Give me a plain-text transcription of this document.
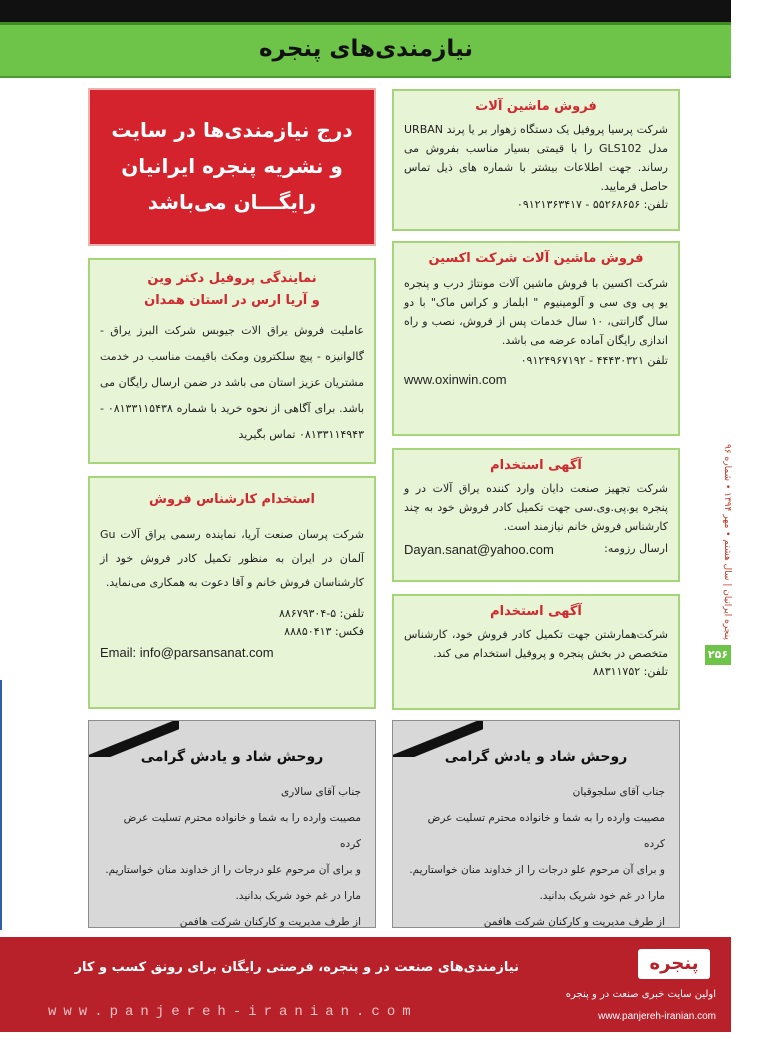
نیازمندی‌های پنجره
فروش ماشین آلات
شرکت پرسیا پروفیل یک دستگاه زهوار بر یا پرند URBAN مدل GLS102 را با قیمتی بسیار مناسب بفروش می رساند. جهت اطلاعات بیشتر با شماره های ذیل تماس حاصل فرمایید.
تلفن: ۵۵۲۶۸۶۵۶ - ۰۹۱۲۱۳۶۳۴۱۷
فروش ماشین آلات شرکت اکسین
شرکت اکسین با فروش ماشین آلات مونتاژ درب و پنجره یو پی وی سی و آلومینیوم " ابلماز و کراس ماک" با دو سال گارانتی، ۱۰ سال خدمات پس از فروش، نصب و راه اندازی رایگان آماده عرضه می باشد.
تلفن ۴۴۴۳۰۳۲۱ - ۰۹۱۲۴۹۶۷۱۹۲
www.oxinwin.com
آگهی استخدام
شرکت تجهیز صنعت دایان وارد کننده یراق آلات در و پنجره یو.پی.وی.سی جهت تکمیل کادر فروش خود به چند کارشناس فروش خانم نیازمند است.
ارسال رزومه:
Dayan.sanat@yahoo.com
آگهی استخدام
شرکت‌همارشتن جهت تکمیل کادر فروش خود، کارشناس متخصص در بخش پنجره و پروفیل استخدام می کند.
تلفن: ۸۸۳۱۱۷۵۲
درج نیازمندی‌ها در سایت
و نشریه پنجره ایرانیان
رایگـــان می‌باشد
نمایندگی پروفیل دکتر وین
و آریا ارس در استان همدان
عاملیت فروش یراق الات جیوبس شرکت البرز یراق - گالوانیزه - پیچ سلکترون ومکث باقیمت مناسب در خدمت مشتریان عزیز استان می باشد در ضمن ارسال رایگان می باشد. برای آگاهی از نحوه خرید با شماره ۰۸۱۳۳۱۱۵۴۳۸ - ۰۸۱۳۳۱۱۴۹۴۳ تماس بگیرید
استخدام کارشناس فروش
شرکت پرسان صنعت آریا، نماینده رسمی یراق آلات Gu آلمان در ایران به منظور تکمیل کادر فروش خود از کارشناسان فروش خانم و آقا دعوت به همکاری می‌نماید.
تلفن: ۵-۸۸۶۷۹۳۰۴
فکس: ۸۸۸۵۰۴۱۳
Email: info@parsansanat.com
روحش شاد و یادش گرامی
جناب آقای سلجوقیان
مصیبت وارده را به شما و خانواده محترم تسلیت عرض کرده
و برای آن مرحوم علو درجات را از خداوند منان خواستاریم.
مارا در غم خود شریک بدانید.
از طرف مدیریت و کارکنان شرکت هافمن
روحش شاد و یادش گرامی
جناب آقای سالاری
مصیبت وارده را به شما و خانواده محترم تسلیت عرض کرده
و برای آن مرحوم علو درجات را از خداوند منان خواستاریم.
مارا در غم خود شریک بدانید.
از طرف مدیریت و کارکنان شرکت هافمن
پنجره ایرانیان | سال هشتم • مهر ۱۳۹۴ • شماره ۹۶
۲۵۶
نیازمندی‌های صنعت در و پنجره، فرصتی رایگان برای رونق کسب و کار
www.panjereh-iranian.com
پنجره
اولین سایت خبری صنعت در و پنجره
www.panjereh-iranian.com
